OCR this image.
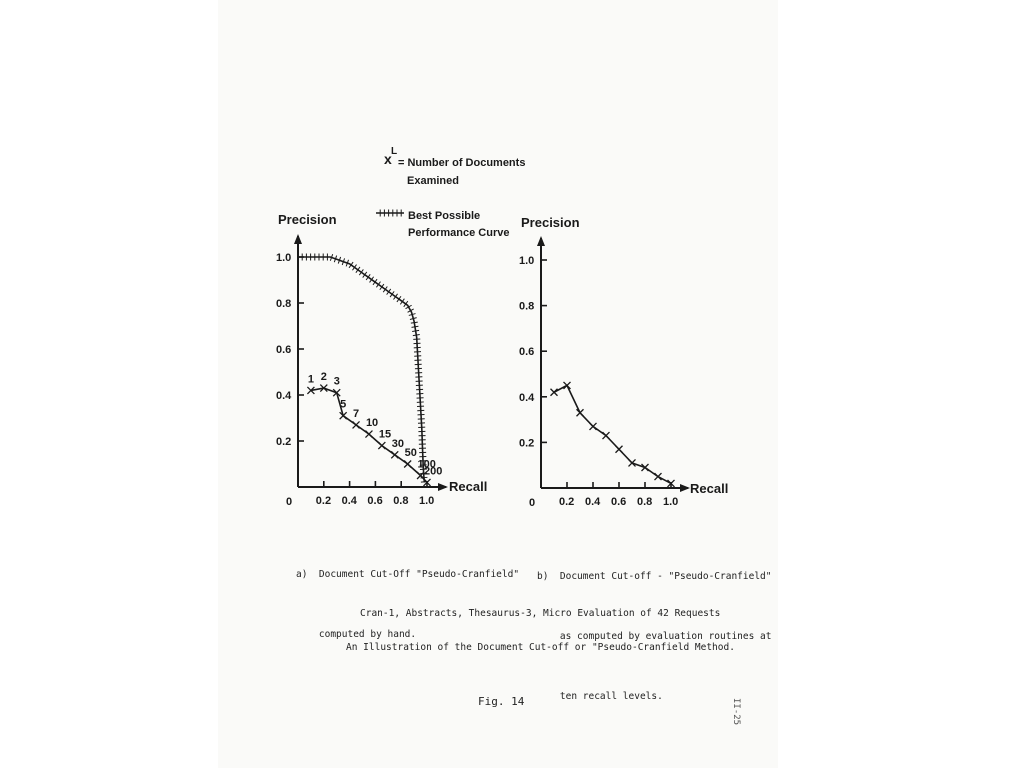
x L
= Number of Documents
Examined
Best Possible
Performance Curve
Precision
Recall
0
0.2
0.4
0.6
0.8
1.0
0.2 0.4 0.6 0.8 1.0
1 2 3
5
7
10
15
30
50
100
200
Precision
Recall
0
0.2
0.4
0.6
0.8
1.0
0.2 0.4 0.6 0.8 1.0

a)  Document Cut-Off "Pseudo-Cranfield"

computed by hand.

b)  Document Cut-off - "Pseudo-Cranfield"

as computed by evaluation routines at

ten recall levels.

Cran-1, Abstracts, Thesaurus-3, Micro Evaluation of 42 Requests
An Illustration of the Document Cut-off or "Pseudo-Cranfield Method.
Fig. 14	II-25
